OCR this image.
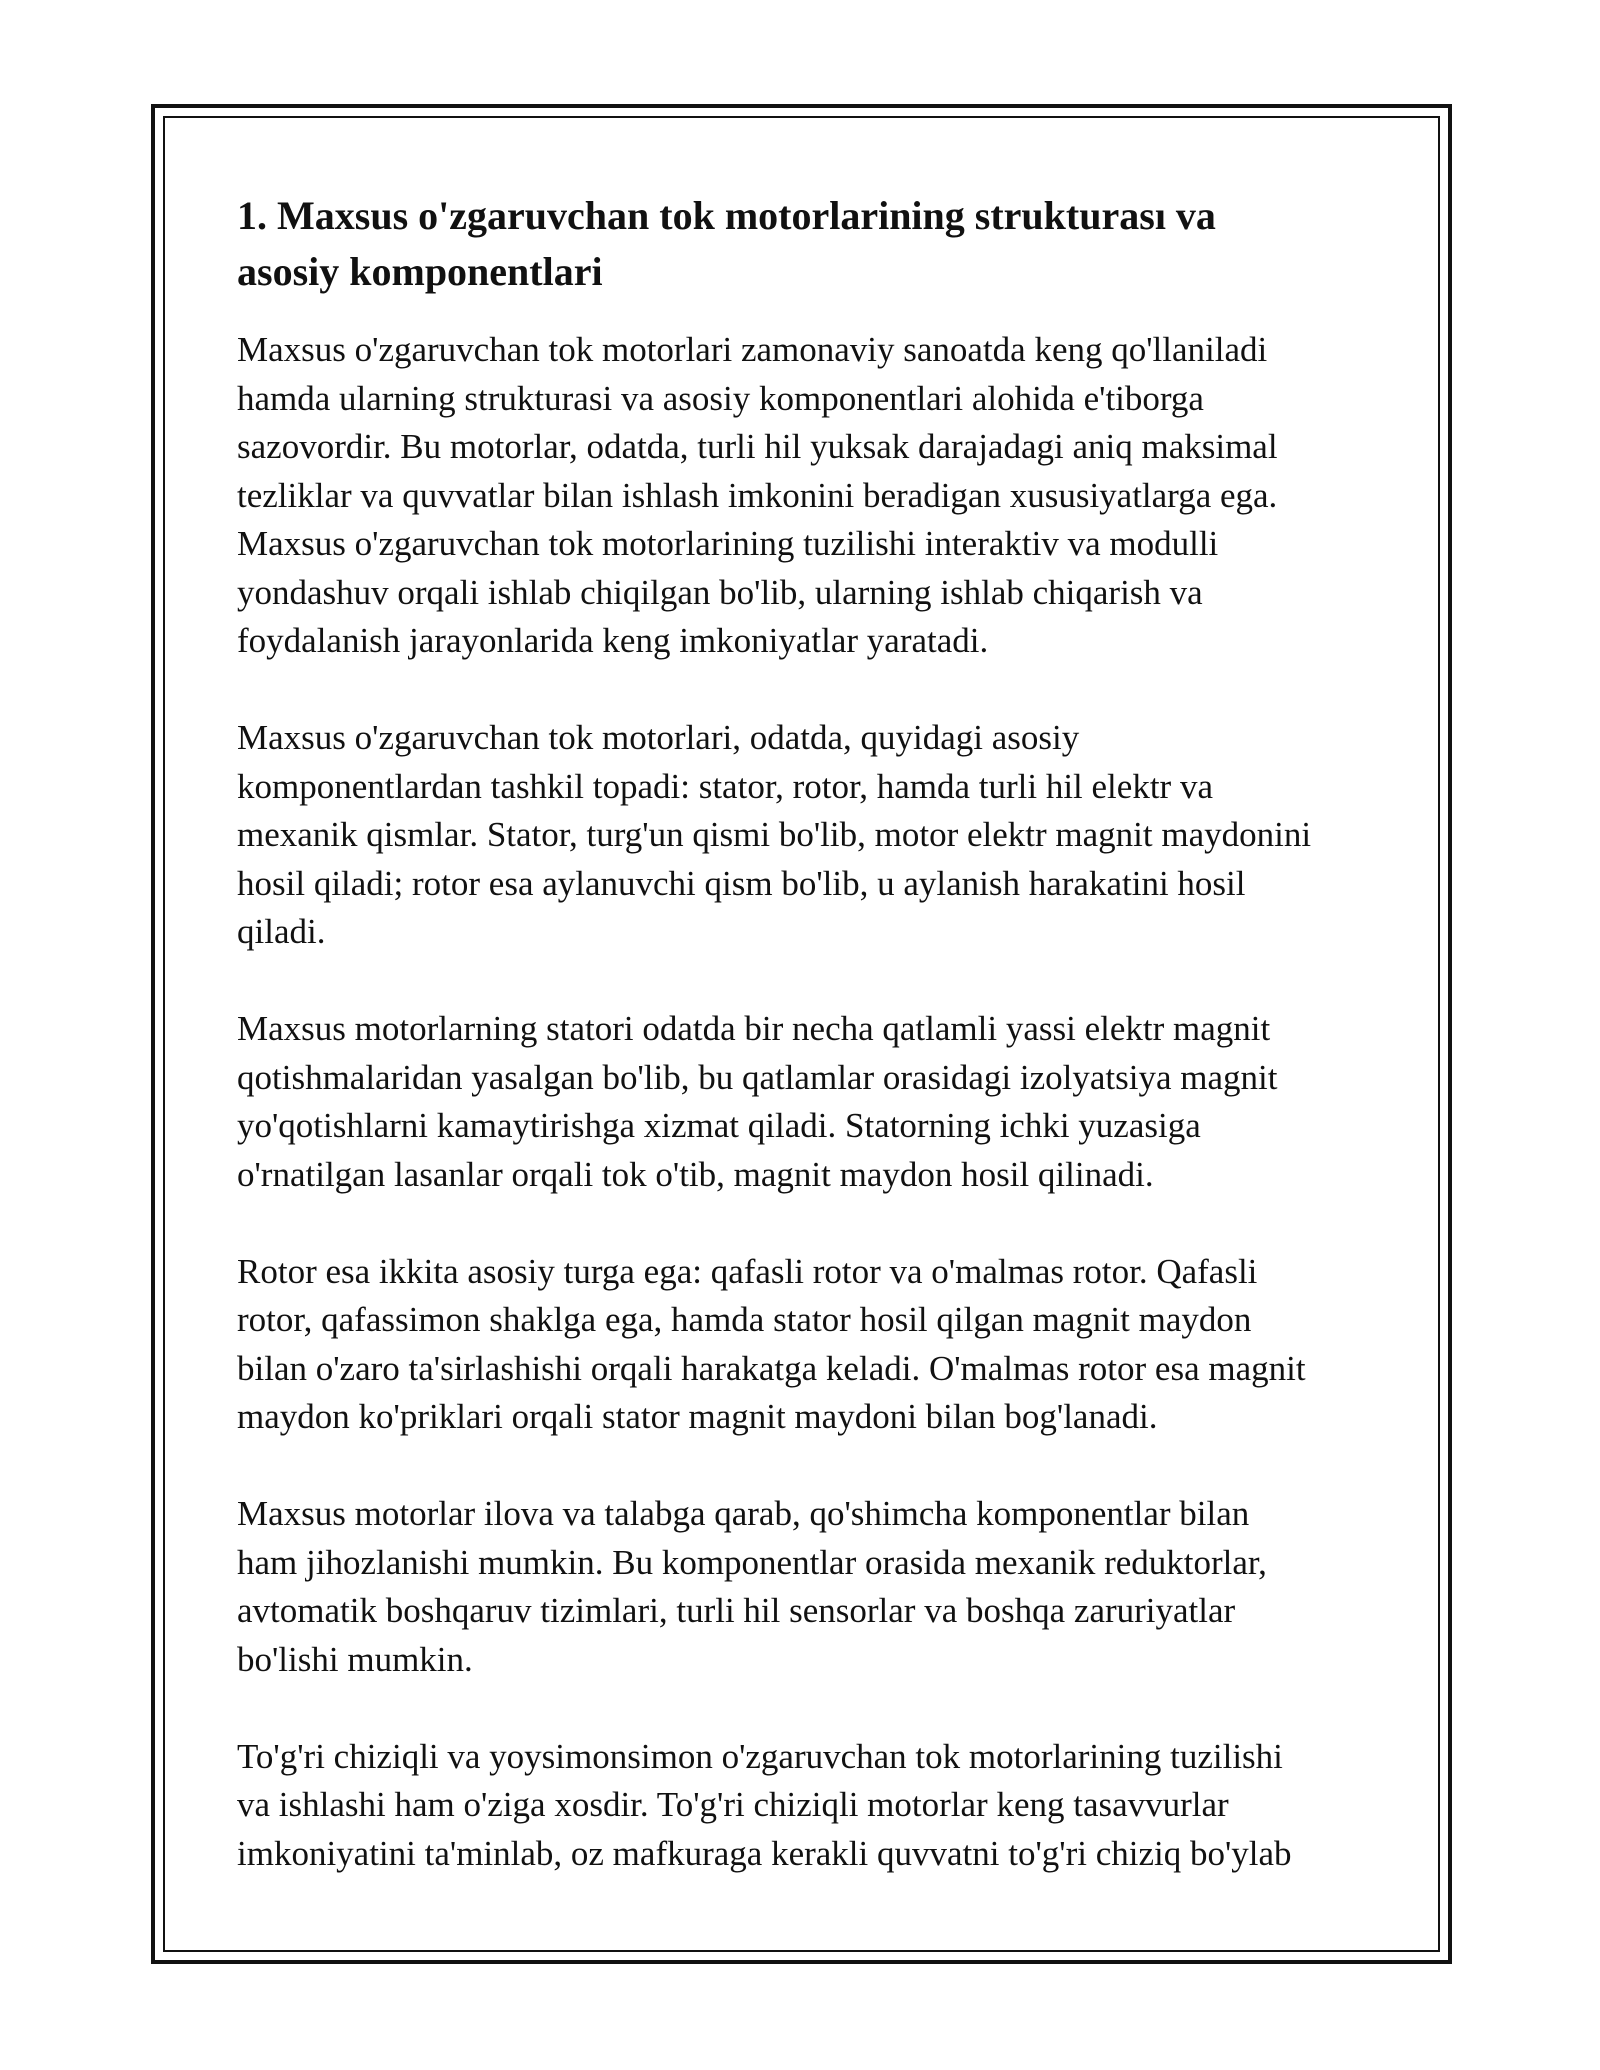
1. Maxsus o'zgaruvchan tok motorlarining strukturası va
asosiy komponentlari

Maxsus o'zgaruvchan tok motorlari zamonaviy sanoatda keng qo'llaniladi
hamda ularning strukturasi va asosiy komponentlari alohida e'tiborga
sazovordir. Bu motorlar, odatda, turli hil yuksak darajadagi aniq maksimal
tezliklar va quvvatlar bilan ishlash imkonini beradigan xususiyatlarga ega.
Maxsus o'zgaruvchan tok motorlarining tuzilishi interaktiv va modulli
yondashuv orqali ishlab chiqilgan bo'lib, ularning ishlab chiqarish va
foydalanish jarayonlarida keng imkoniyatlar yaratadi.

Maxsus o'zgaruvchan tok motorlari, odatda, quyidagi asosiy
komponentlardan tashkil topadi: stator, rotor, hamda turli hil elektr va
mexanik qismlar. Stator, turg'un qismi bo'lib, motor elektr magnit maydonini
hosil qiladi; rotor esa aylanuvchi qism bo'lib, u aylanish harakatini hosil
qiladi.

Maxsus motorlarning statori odatda bir necha qatlamli yassi elektr magnit
qotishmalaridan yasalgan bo'lib, bu qatlamlar orasidagi izolyatsiya magnit
yo'qotishlarni kamaytirishga xizmat qiladi. Statorning ichki yuzasiga
o'rnatilgan lasanlar orqali tok o'tib, magnit maydon hosil qilinadi.

Rotor esa ikkita asosiy turga ega: qafasli rotor va o'malmas rotor. Qafasli
rotor, qafassimon shaklga ega, hamda stator hosil qilgan magnit maydon
bilan o'zaro ta'sirlashishi orqali harakatga keladi. O'malmas rotor esa magnit
maydon ko'priklari orqali stator magnit maydoni bilan bog'lanadi.

Maxsus motorlar ilova va talabga qarab, qo'shimcha komponentlar bilan
ham jihozlanishi mumkin. Bu komponentlar orasida mexanik reduktorlar,
avtomatik boshqaruv tizimlari, turli hil sensorlar va boshqa zaruriyatlar
bo'lishi mumkin.

To'g'ri chiziqli va yoysimonsimon o'zgaruvchan tok motorlarining tuzilishi
va ishlashi ham o'ziga xosdir. To'g'ri chiziqli motorlar keng tasavvurlar
imkoniyatini ta'minlab, oz mafkuraga kerakli quvvatni to'g'ri chiziq bo'ylab
